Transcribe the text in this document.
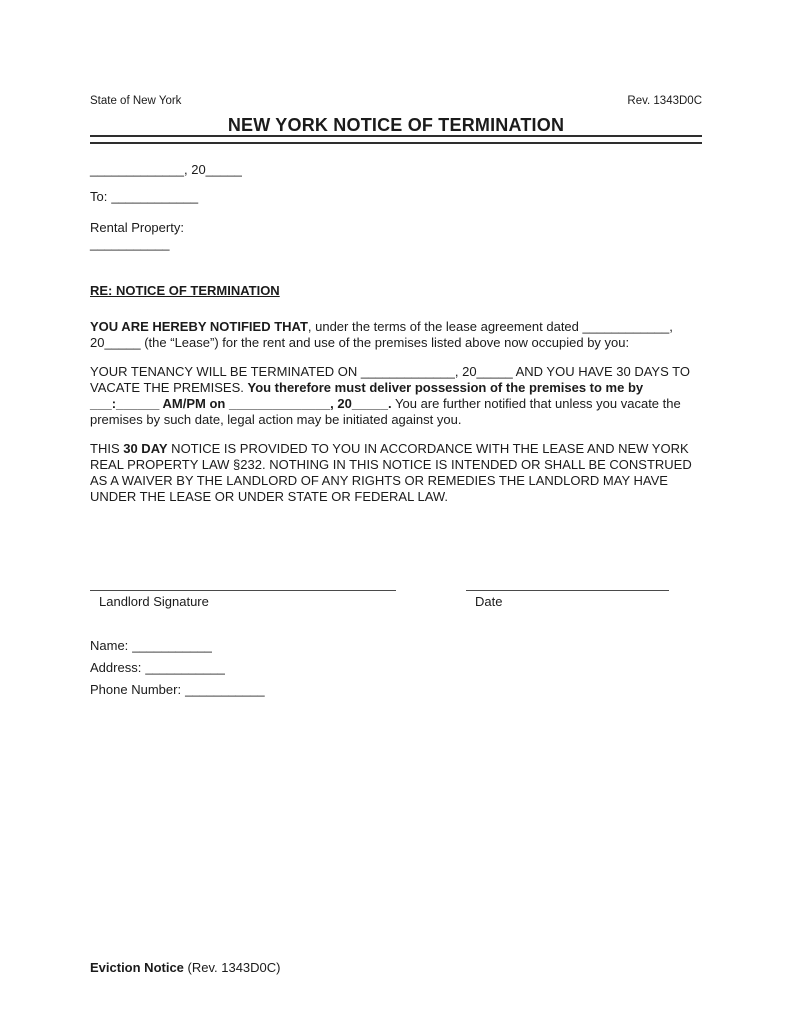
State of New York	Rev. 1343D0C
NEW YORK NOTICE OF TERMINATION

_____________, 20_____

To: ____________

Rental Property:
___________

RE: NOTICE OF TERMINATION

YOU ARE HEREBY NOTIFIED THAT, under the terms of the lease agreement dated ____________, 20_____ (the “Lease”) for the rent and use of the premises listed above now occupied by you:

YOUR TENANCY WILL BE TERMINATED ON _____________, 20_____ AND YOU HAVE 30 DAYS TO VACATE THE PREMISES. You therefore must deliver possession of the premises to me by ___:______ AM/PM on ______________, 20_____. You are further notified that unless you vacate the premises by such date, legal action may be initiated against you.

THIS 30 DAY NOTICE IS PROVIDED TO YOU IN ACCORDANCE WITH THE LEASE AND NEW YORK REAL PROPERTY LAW §232. NOTHING IN THIS NOTICE IS INTENDED OR SHALL BE CONSTRUED AS A WAIVER BY THE LANDLORD OF ANY RIGHTS OR REMEDIES THE LANDLORD MAY HAVE UNDER THE LEASE OR UNDER STATE OR FEDERAL LAW.

Landlord Signature	Date
Name: ___________
Address: ___________
Phone Number: ___________
Eviction Notice (Rev. 1343D0C)
